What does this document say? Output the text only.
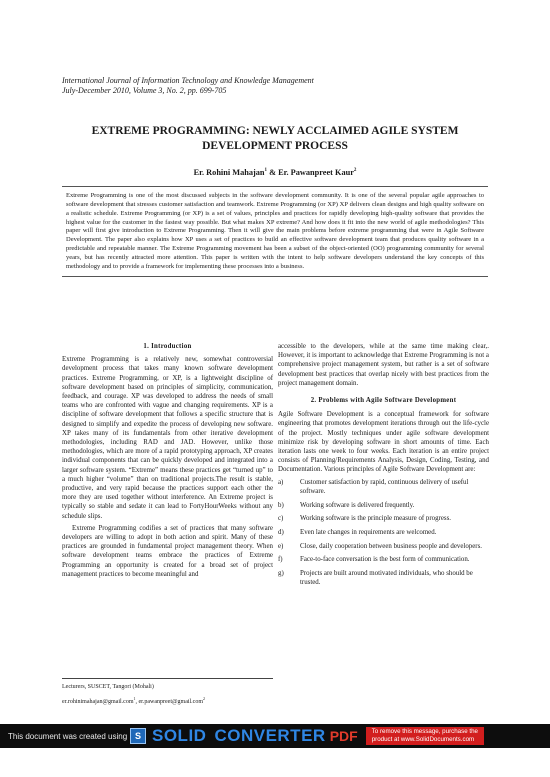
International Journal of Information Technology and Knowledge Management
July-December 2010, Volume 3, No. 2, pp. 699-705
EXTREME PROGRAMMING: NEWLY ACCLAIMED AGILE SYSTEM
DEVELOPMENT PROCESS
Er. Rohini Mahajan$^1$ & Er. Pawanpreet Kaur$^2$
Extreme Programming is one of the most discussed subjects in the software development community. It is one of the several popular agile approaches to software development that stresses customer satisfaction and teamwork. Extreme Programming (or XP) XP delivers clean designs and high quality software on a realistic schedule. Extreme Programming (or XP) is a set of values, principles and practices for rapidly developing high-quality software that provides the highest value for the customer in the fastest way possible. But what makes XP extreme? And how does it fit into the new world of agile methodologies? This paper will first give introduction to Extreme Programming. Then it will give the main problems before extreme programming that were in Agile Software Development. The paper also explains how XP uses a set of practices to build an effective software development team that produces quality software in a predictable and repeatable manner. The Extreme Programming movement has been a subset of the object-oriented (OO) programming community for several years, but has recently attracted more attention. This paper is written with the intent to help software developers understand the key concepts of this methodology and to provide a framework for implementing these processes into a business.
1. Introduction

Extreme Programming is a relatively new, somewhat controversial development process that takes many known software development practices. Extreme Programming, or XP, is a lightweight discipline of software development based on principles of simplicity, communication, feedback, and courage. XP was developed to address the needs of small teams who are confronted with vague and changing requirements. XP is a discipline of software development that follows a specific structure that is designed to simplify and expedite the process of developing new software. XP takes many of its fundamentals from other iterative development methodologies, including RAD and JAD. However, unlike those methodologies, which are more of a rapid prototyping approach, XP creates individual components that can be quickly developed and integrated into a larger software system. “Extreme” means these practices get “turned up” to a much higher “volume” than on traditional projects.The result is stable, productive, and very rapid because the practices support each other the more they are used together without interference. An Extreme project is typically so stable and sedate it can lead to FortyHourWeeks without any schedule slips.

Extreme Programming codifies a set of practices that many software developers are willing to adopt in both action and spirit. Many of these practices are grounded in fundamental project management theory. When software development teams embrace the practices of Extreme Programming an opportunity is created for a broad set of project management practices to become meaningful and

accessible to the developers, while at the same time making clear,. However, it is important to acknowledge that Extreme Programming is not a comprehensive project management system, but rather is a set of software development best practices that overlap nicely with best practices from the project management domain.

2. Problems with Agile Software Development

Agile Software Development is a conceptual framework for software engineering that promotes development iterations through out the life-cycle of the project. Mostly techniques under agile software development minimize risk by developing software in short amounts of time. Each iteration lasts one week to four weeks. Each iteration is an entire project consists of Planning/Requirements Analysis, Design, Coding, Testing, and Documentation. Various principles of Agile Software Development are:

a)	Customer satisfaction by rapid, continuous delivery of useful software.
b)	Working software is delivered frequently.
c)	Working software is the principle measure of progress.
d)	Even late changes in requirements are welcomed.
e)	Close, daily cooperation between business people and developers.
f)	Face-to-face conversation is the best form of communication.
g)	Projects are built around motivated individuals, who should be trusted.
Lecturers, SUSCET, Tangori (Mohali)
er.rohinimahajan@gmail.com$^1$, er.pawanpreet@gmail.com$^2$
This document was created using S SOLID CONVERTER PDF To remove this message, purchase the
product at www.SolidDocuments.com
